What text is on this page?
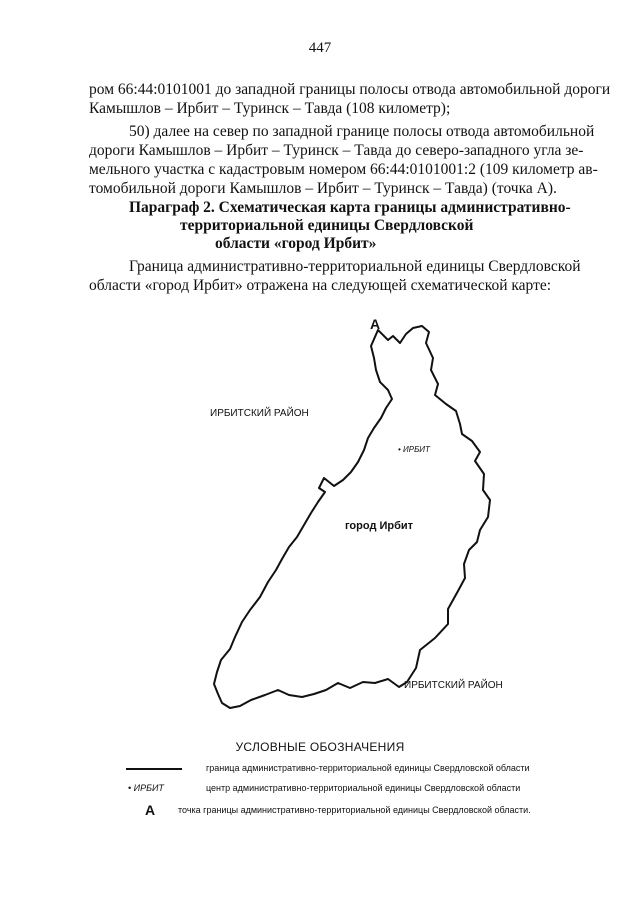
447

ром 66:44:0101001 до западной границы полосы отвода автомобильной дороги
Камышлов – Ирбит – Туринск – Тавда (108 километр);

50) далее на север по западной границе полосы отвода автомобильной
дороги Камышлов – Ирбит – Туринск – Тавда до северо-западного угла зе-
мельного участка с кадастровым номером 66:44:0101001:2 (109 километр ав-
томобильной дороги Камышлов – Ирбит – Туринск – Тавда) (точка А).

Параграф 2. Схематическая карта границы административно-
территориальной единицы Свердловской
области «город Ирбит»

Граница административно-территориальной единицы Свердловской
области «город Ирбит» отражена на следующей схематической карте:

А
ИРБИТСКИЙ РАЙОН
• ИРБИТ
город Ирбит
ИРБИТСКИЙ РАЙОН
УСЛОВНЫЕ ОБОЗНАЧЕНИЯ
граница административно-территориальной единицы Свердловской области
• ИРБИТ	центр административно-территориальной единицы Свердловской области
А	точка границы административно-территориальной единицы Свердловской области.
